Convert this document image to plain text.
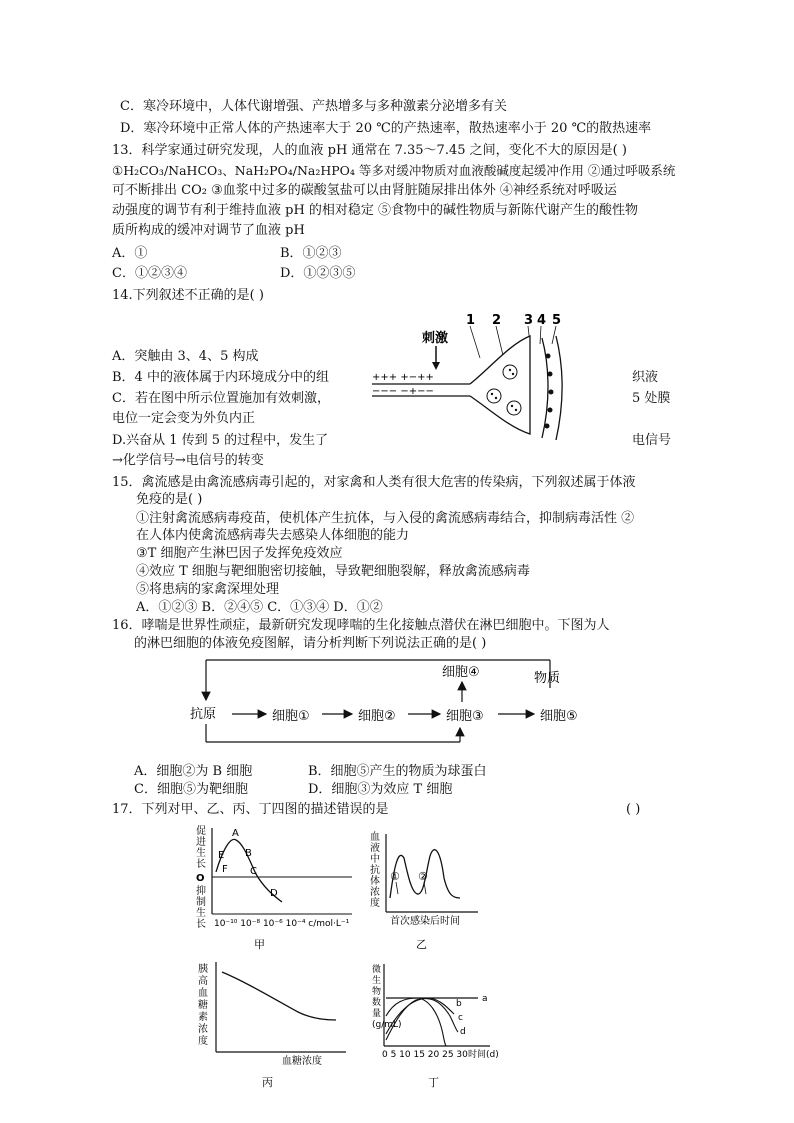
C．寒冷环境中，人体代谢增强、产热增多与多种激素分泌增多有关
D．寒冷环境中正常人体的产热速率大于 20 ℃的产热速率，散热速率小于 20 ℃的散热速率
13．科学家通过研究发现，人的血液 pH 通常在 7.35～7.45 之间，变化不大的原因是( )
①H₂CO₃/NaHCO₃、NaH₂PO₄/Na₂HPO₄ 等多对缓冲物质对血液酸碱度起缓冲作用 ②通过呼吸系统
可不断排出 CO₂ ③血浆中过多的碳酸氢盐可以由肾脏随尿排出体外 ④神经系统对呼吸运
动强度的调节有利于维持血液 pH 的相对稳定 ⑤食物中的碱性物质与新陈代谢产生的酸性物
质所构成的缓冲对调节了血液 pH
A．①	B．①②③
C．①②③④	D．①②③⑤
14.下列叙述不正确的是( )
A．突触由 3、4、5 构成
B．4 中的液体属于内环境成分中的组	织液
C．若在图中所示位置施加有效刺激，	5 处膜
电位一定会变为外负内正
D.兴奋从 1 传到 5 的过程中，发生了	电信号
→化学信号→电信号的转变
刺激
1 2 3 4 5
+++ +−++
−−− −+−−
15．禽流感是由禽流感病毒引起的，对家禽和人类有很大危害的传染病，下列叙述属于体液
免疫的是( )
①注射禽流感病毒疫苗，使机体产生抗体，与入侵的禽流感病毒结合，抑制病毒活性 ②
在人体内使禽流感病毒失去感染人体细胞的能力
③T 细胞产生淋巴因子发挥免疫效应
④效应 T 细胞与靶细胞密切接触，导致靶细胞裂解，释放禽流感病毒
⑤将患病的家禽深埋处理
A．①②③ B．②④⑤ C．①③④ D．①②
16．哮喘是世界性顽症，最新研究发现哮喘的生化接触点潜伏在淋巴细胞中。下图为人
的淋巴细胞的体液免疫图解，请分析判断下列说法正确的是( )
抗原	细胞①	细胞②	细胞③
细胞④
细胞⑤
物质
A．细胞②为 B 细胞	B．细胞⑤产生的物质为球蛋白
C．细胞⑤为靶细胞	D．细胞③为效应 T 细胞
17．下列对甲、乙、丙、丁四图的描述错误的是	( )
促进生长
O
抑制生长
A
B
C
D
E
F
10⁻¹⁰ 10⁻⁸ 10⁻⁶ 10⁻⁴ c/mol·L⁻¹
甲
血液中抗体浓度
① ②
首次感染后时间
乙
胰高血糖素浓度
血糖浓度
丙
微生物数量(g/mL)
a
b
c
d
0 5 10 15 20 25 30 时间(d)
丁
